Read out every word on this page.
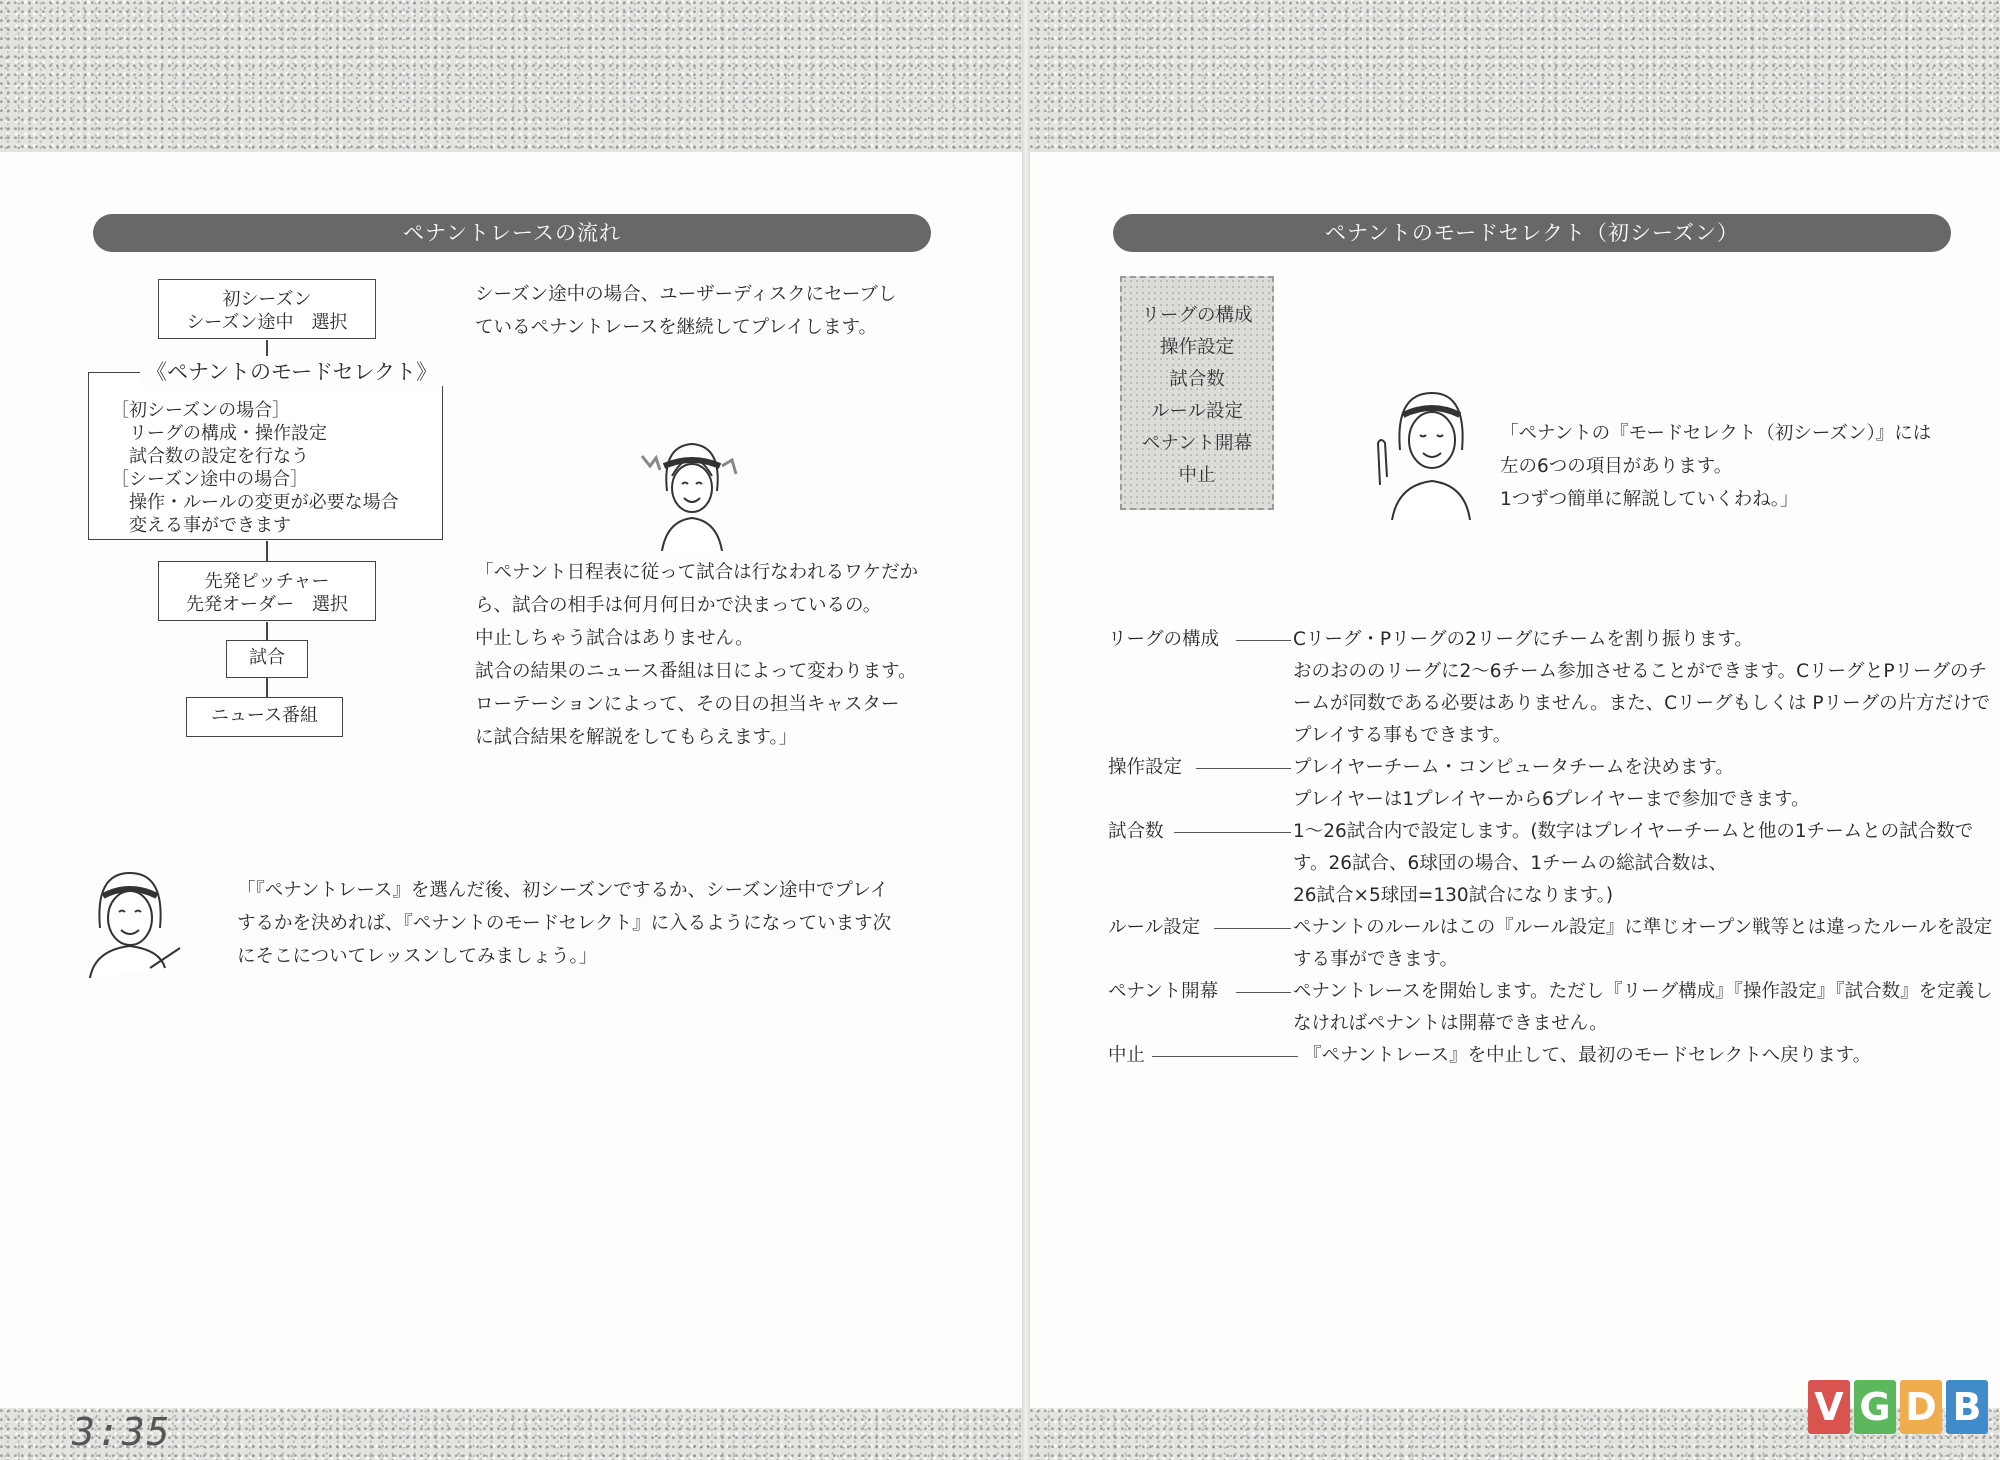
ペナントレースの流れ
初シーズン
シーズン途中　選択
［初シーズンの場合］
　リーグの構成・操作設定
　試合数の設定を行なう
［シーズン途中の場合］
　操作・ルールの変更が必要な場合
　変える事ができます
《ペナントのモードセレクト》
先発ピッチャー
先発オーダー　選択
試合
ニュース番組
シーズン途中の場合、ユーザーディスクにセーブし
ているペナントレースを継続してプレイします。
「ペナント日程表に従って試合は行なわれるワケだか
ら、試合の相手は何月何日かで決まっているの。
中止しちゃう試合はありません。
試合の結果のニュース番組は日によって変わります。
ローテーションによって、その日の担当キャスター
に試合結果を解説をしてもらえます。」
「『ペナントレース』を選んだ後、初シーズンでするか、シーズン途中でプレイ
するかを決めれば、『ペナントのモードセレクト』に入るようになっています次
にそこについてレッスンしてみましょう。」
3:35
ペナントのモードセレクト（初シーズン）
リーグの構成
操作設定
試合数
ルール設定
ペナント開幕
中止
「ペナントの『モードセレクト（初シーズン）』には
左の6つの項目があります。
1つずつ簡単に解説していくわね。」
リーグの構成	Cリーグ・Pリーグの2リーグにチームを割り振ります。
おのおののリーグに2〜6チーム参加させることができます。CリーグとPリーグのチームが同数である必要はありません。また、Cリーグもしくは Pリーグの片方だけでプレイする事もできます。
操作設定	プレイヤーチーム・コンピュータチームを決めます。
プレイヤーは1プレイヤーから6プレイヤーまで参加できます。
試合数	1〜26試合内で設定します。(数字はプレイヤーチームと他の1チームとの試合数です。26試合、6球団の場合、1チームの総試合数は、
26試合×5球団=130試合になります。)
ルール設定	ペナントのルールはこの『ルール設定』に準じオープン戦等とは違ったルールを設定する事ができます。
ペナント開幕	ペナントレースを開始します。ただし『リーグ構成』『操作設定』『試合数』を定義しなければペナントは開幕できません。
中止	『ペナントレース』を中止して、最初のモードセレクトへ戻ります。
V G D B
